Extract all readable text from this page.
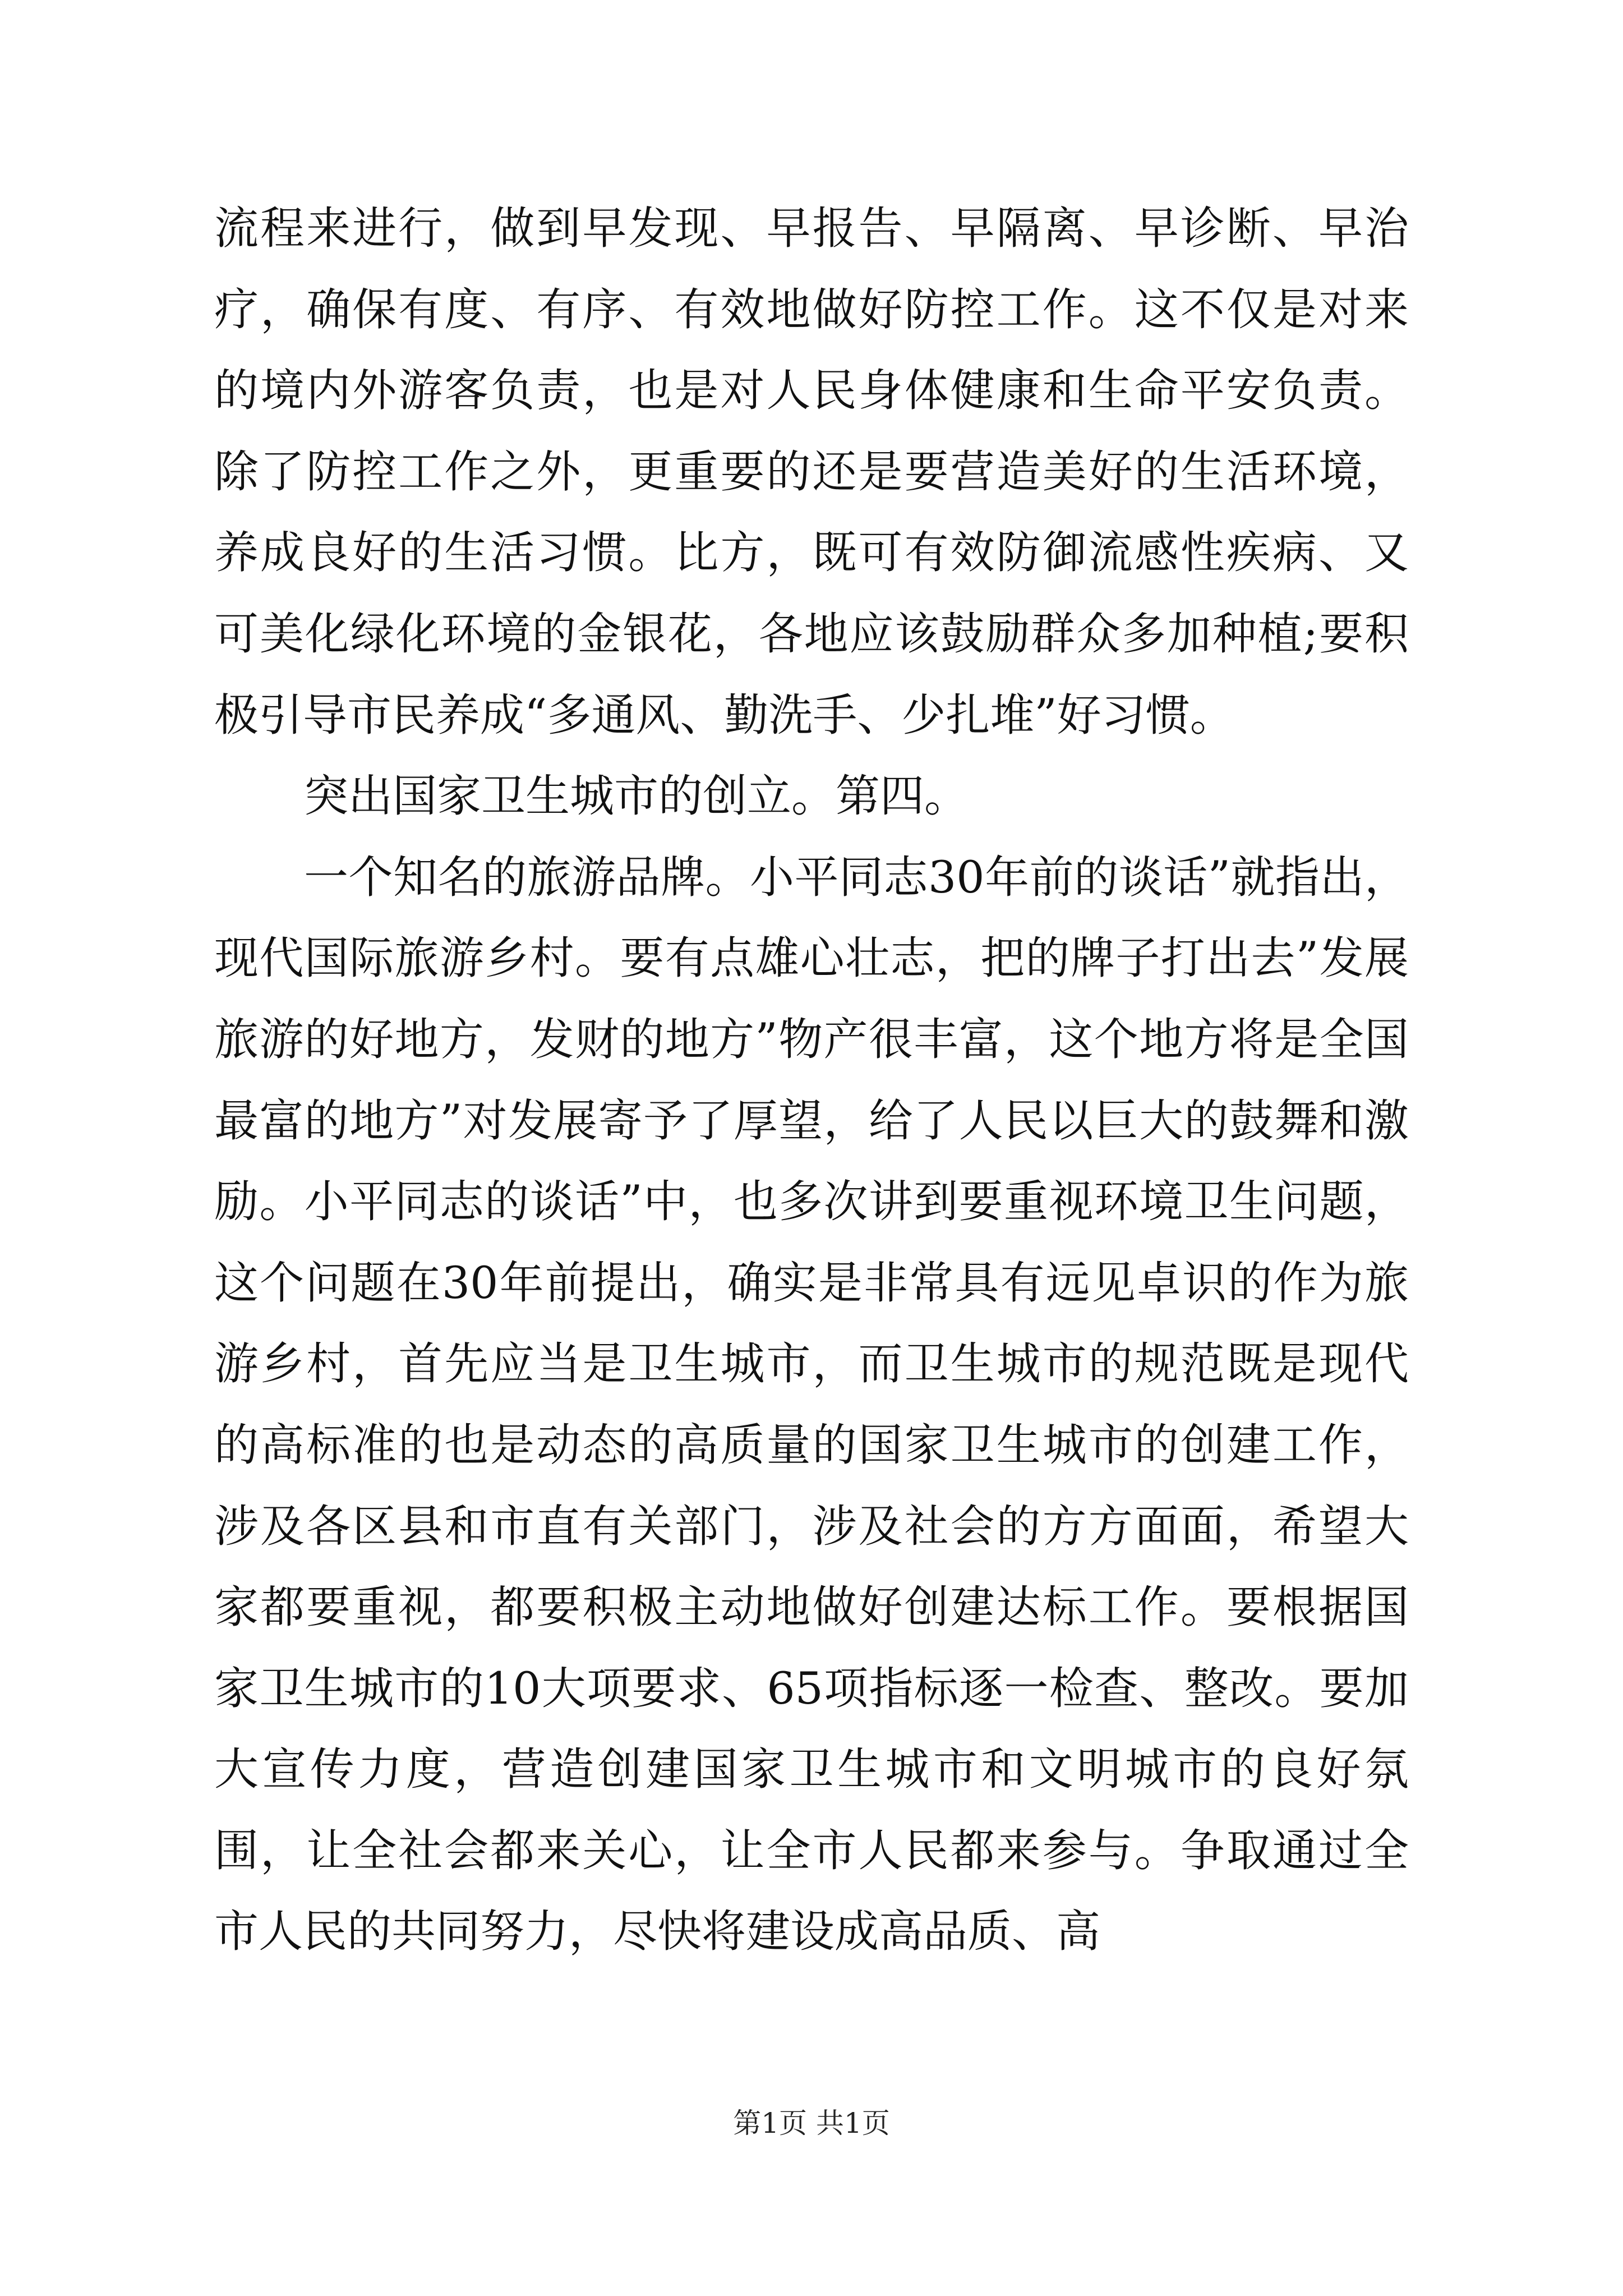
流程来进行，做到早发现、早报告、早隔离、早诊断、早治疗，确保有度、有序、有效地做好防控工作。这不仅是对来的境内外游客负责，也是对人民身体健康和生命平安负责。除了防控工作之外，更重要的还是要营造美好的生活环境，养成良好的生活习惯。比方，既可有效防御流感性疾病、又可美化绿化环境的金银花，各地应该鼓励群众多加种植;要积极引导市民养成“多通风、勤洗手、少扎堆”好习惯。

突出国家卫生城市的创立。第四。

一个知名的旅游品牌。小平同志30年前的谈话”就指出，现代国际旅游乡村。要有点雄心壮志，把的牌子打出去”发展旅游的好地方，发财的地方”物产很丰富，这个地方将是全国最富的地方”对发展寄予了厚望，给了人民以巨大的鼓舞和激励。小平同志的谈话”中，也多次讲到要重视环境卫生问题，这个问题在30年前提出，确实是非常具有远见卓识的作为旅游乡村，首先应当是卫生城市，而卫生城市的规范既是现代的高标准的也是动态的高质量的国家卫生城市的创建工作，涉及各区县和市直有关部门，涉及社会的方方面面，希望大家都要重视，都要积极主动地做好创建达标工作。要根据国家卫生城市的10大项要求、65项指标逐一检查、整改。要加大宣传力度，营造创建国家卫生城市和文明城市的良好氛围，让全社会都来关心，让全市人民都来参与。争取通过全市人民的共同努力，尽快将建设成高品质、高

第1页 共1页
